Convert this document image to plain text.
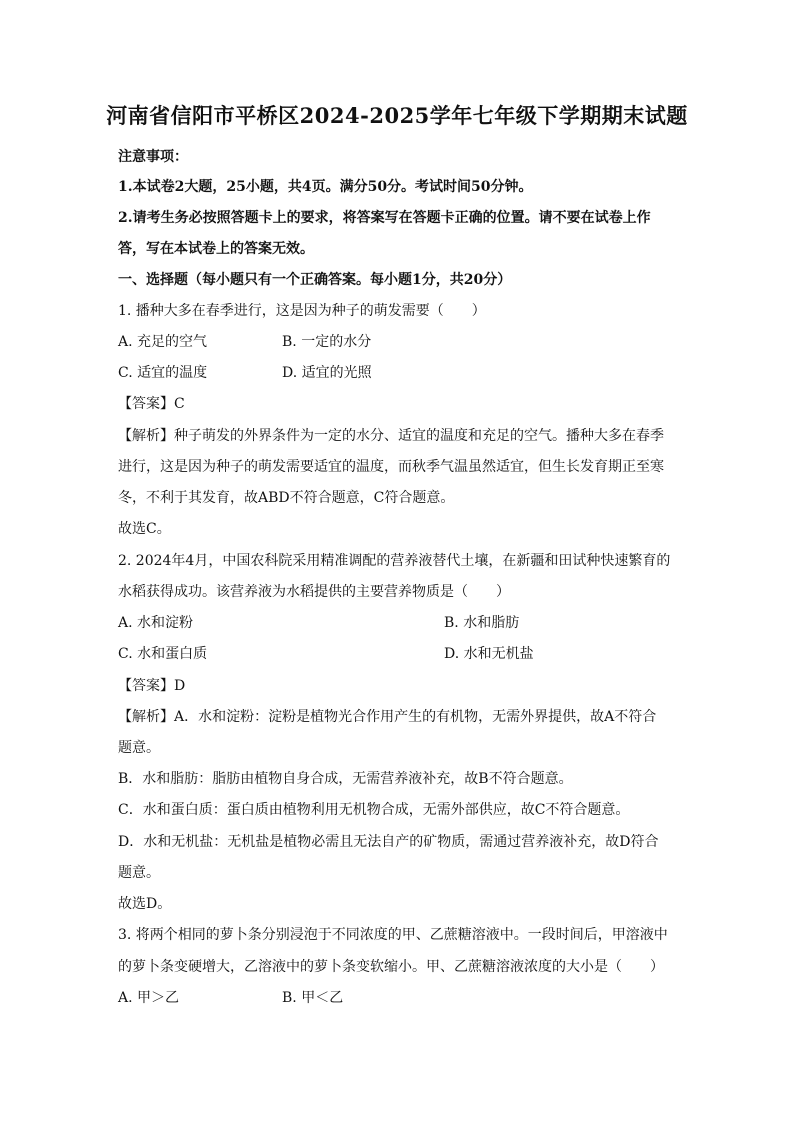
河南省信阳市平桥区2024-2025学年七年级下学期期末试题
注意事项：
1.本试卷2大题，25小题，共4页。满分50分。考试时间50分钟。
2.请考生务必按照答题卡上的要求，将答案写在答题卡正确的位置。请不要在试卷上作
答，写在本试卷上的答案无效。
一、选择题（每小题只有一个正确答案。每小题1分，共20分）
1. 播种大多在春季进行，这是因为种子的萌发需要（　　）
A. 充足的空气	B. 一定的水分
C. 适宜的温度	D. 适宜的光照
【答案】C
【解析】种子萌发的外界条件为一定的水分、适宜的温度和充足的空气。播种大多在春季
进行，这是因为种子的萌发需要适宜的温度，而秋季气温虽然适宜，但生长发育期正至寒
冬，不利于其发育，故ABD不符合题意，C符合题意。
故选C。
2. 2024年4月，中国农科院采用精准调配的营养液替代土壤，在新疆和田试种快速繁育的
水稻获得成功。该营养液为水稻提供的主要营养物质是（　　）
A. 水和淀粉	B. 水和脂肪
C. 水和蛋白质	D. 水和无机盐
【答案】D
【解析】A．水和淀粉：淀粉是植物光合作用产生的有机物，无需外界提供，故A不符合
题意。
B．水和脂肪：脂肪由植物自身合成，无需营养液补充，故B不符合题意。
C．水和蛋白质：蛋白质由植物利用无机物合成，无需外部供应，故C不符合题意。
D．水和无机盐：无机盐是植物必需且无法自产的矿物质，需通过营养液补充，故D符合
题意。
故选D。
3. 将两个相同的萝卜条分别浸泡于不同浓度的甲、乙蔗糖溶液中。一段时间后，甲溶液中
的萝卜条变硬增大，乙溶液中的萝卜条变软缩小。甲、乙蔗糖溶液浓度的大小是（　　）
A. 甲＞乙	B. 甲＜乙
